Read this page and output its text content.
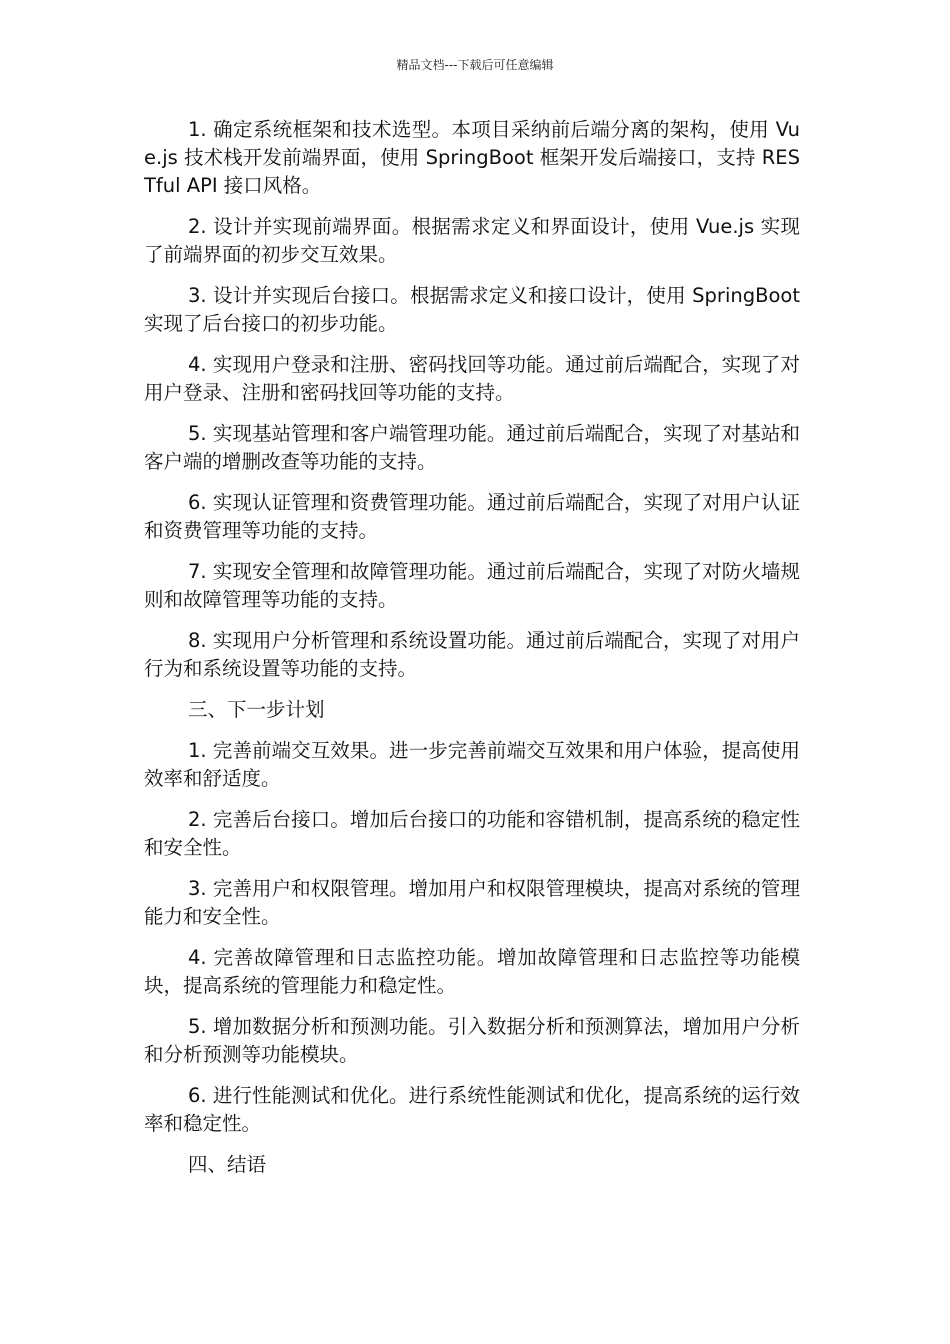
精品文档---下载后可任意编辑

1. 确定系统框架和技术选型。本项目采纳前后端分离的架构，使用 Vue.js 技术栈开发前端界面，使用 SpringBoot 框架开发后端接口，支持 RESTful API 接口风格。

2. 设计并实现前端界面。根据需求定义和界面设计，使用 Vue.js 实现了前端界面的初步交互效果。

3. 设计并实现后台接口。根据需求定义和接口设计，使用 SpringBoot 实现了后台接口的初步功能。

4. 实现用户登录和注册、密码找回等功能。通过前后端配合，实现了对用户登录、注册和密码找回等功能的支持。

5. 实现基站管理和客户端管理功能。通过前后端配合，实现了对基站和客户端的增删改查等功能的支持。

6. 实现认证管理和资费管理功能。通过前后端配合，实现了对用户认证和资费管理等功能的支持。

7. 实现安全管理和故障管理功能。通过前后端配合，实现了对防火墙规则和故障管理等功能的支持。

8. 实现用户分析管理和系统设置功能。通过前后端配合，实现了对用户行为和系统设置等功能的支持。

三、下一步计划

1. 完善前端交互效果。进一步完善前端交互效果和用户体验，提高使用效率和舒适度。

2. 完善后台接口。增加后台接口的功能和容错机制，提高系统的稳定性和安全性。

3. 完善用户和权限管理。增加用户和权限管理模块，提高对系统的管理能力和安全性。

4. 完善故障管理和日志监控功能。增加故障管理和日志监控等功能模块，提高系统的管理能力和稳定性。

5. 增加数据分析和预测功能。引入数据分析和预测算法，增加用户分析和分析预测等功能模块。

6. 进行性能测试和优化。进行系统性能测试和优化，提高系统的运行效率和稳定性。

四、结语
